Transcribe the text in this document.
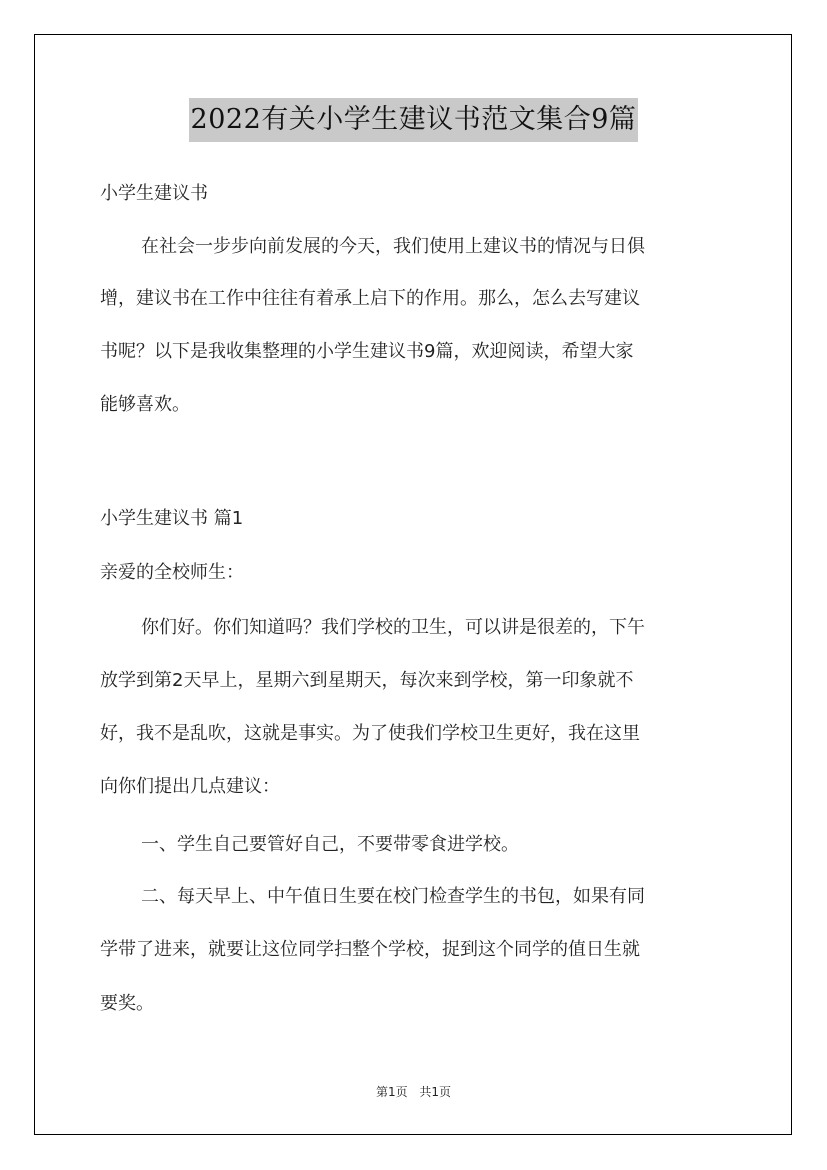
2022有关小学生建议书范文集合9篇

小学生建议书

在社会一步步向前发展的今天，我们使用上建议书的情况与日俱

增，建议书在工作中往往有着承上启下的作用。那么，怎么去写建议

书呢？以下是我收集整理的小学生建议书9篇，欢迎阅读，希望大家

能够喜欢。

小学生建议书 篇1

亲爱的全校师生：

你们好。你们知道吗？我们学校的卫生，可以讲是很差的，下午

放学到第2天早上，星期六到星期天，每次来到学校，第一印象就不

好，我不是乱吹，这就是事实。为了使我们学校卫生更好，我在这里

向你们提出几点建议：

一、学生自己要管好自己，不要带零食进学校。

二、每天早上、中午值日生要在校门检查学生的书包，如果有同

学带了进来，就要让这位同学扫整个学校，捉到这个同学的值日生就

要奖。

第1页 共1页
